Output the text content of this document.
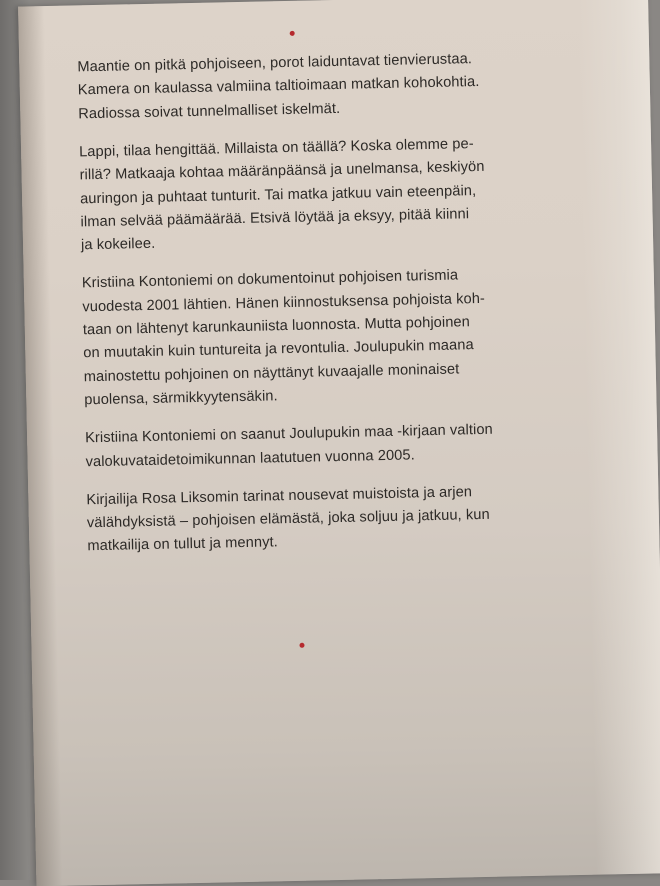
Maantie on pitkä pohjoiseen, porot laiduntavat tienvierustaa.
Kamera on kaulassa valmiina taltioimaan matkan kohokohtia.
Radiossa soivat tunnelmalliset iskelmät.

Lappi, tilaa hengittää. Millaista on täällä? Koska olemme pe-
rillä? Matkaaja kohtaa määränpäänsä ja unelmansa, keskiyön
auringon ja puhtaat tunturit. Tai matka jatkuu vain eteenpäin,
ilman selvää päämäärää. Etsivä löytää ja eksyy, pitää kiinni
ja kokeilee.

Kristiina Kontoniemi on dokumentoinut pohjoisen turismia
vuodesta 2001 lähtien. Hänen kiinnostuksensa pohjoista koh-
taan on lähtenyt karunkauniista luonnosta. Mutta pohjoinen
on muutakin kuin tuntureita ja revontulia. Joulupukin maana
mainostettu pohjoinen on näyttänyt kuvaajalle moninaiset
puolensa, särmikkyytensäkin.

Kristiina Kontoniemi on saanut Joulupukin maa -kirjaan valtion
valokuvataidetoimikunnan laatutuen vuonna 2005.

Kirjailija Rosa Liksomin tarinat nousevat muistoista ja arjen
välähdyksistä – pohjoisen elämästä, joka soljuu ja jatkuu, kun
matkailija on tullut ja mennyt.
